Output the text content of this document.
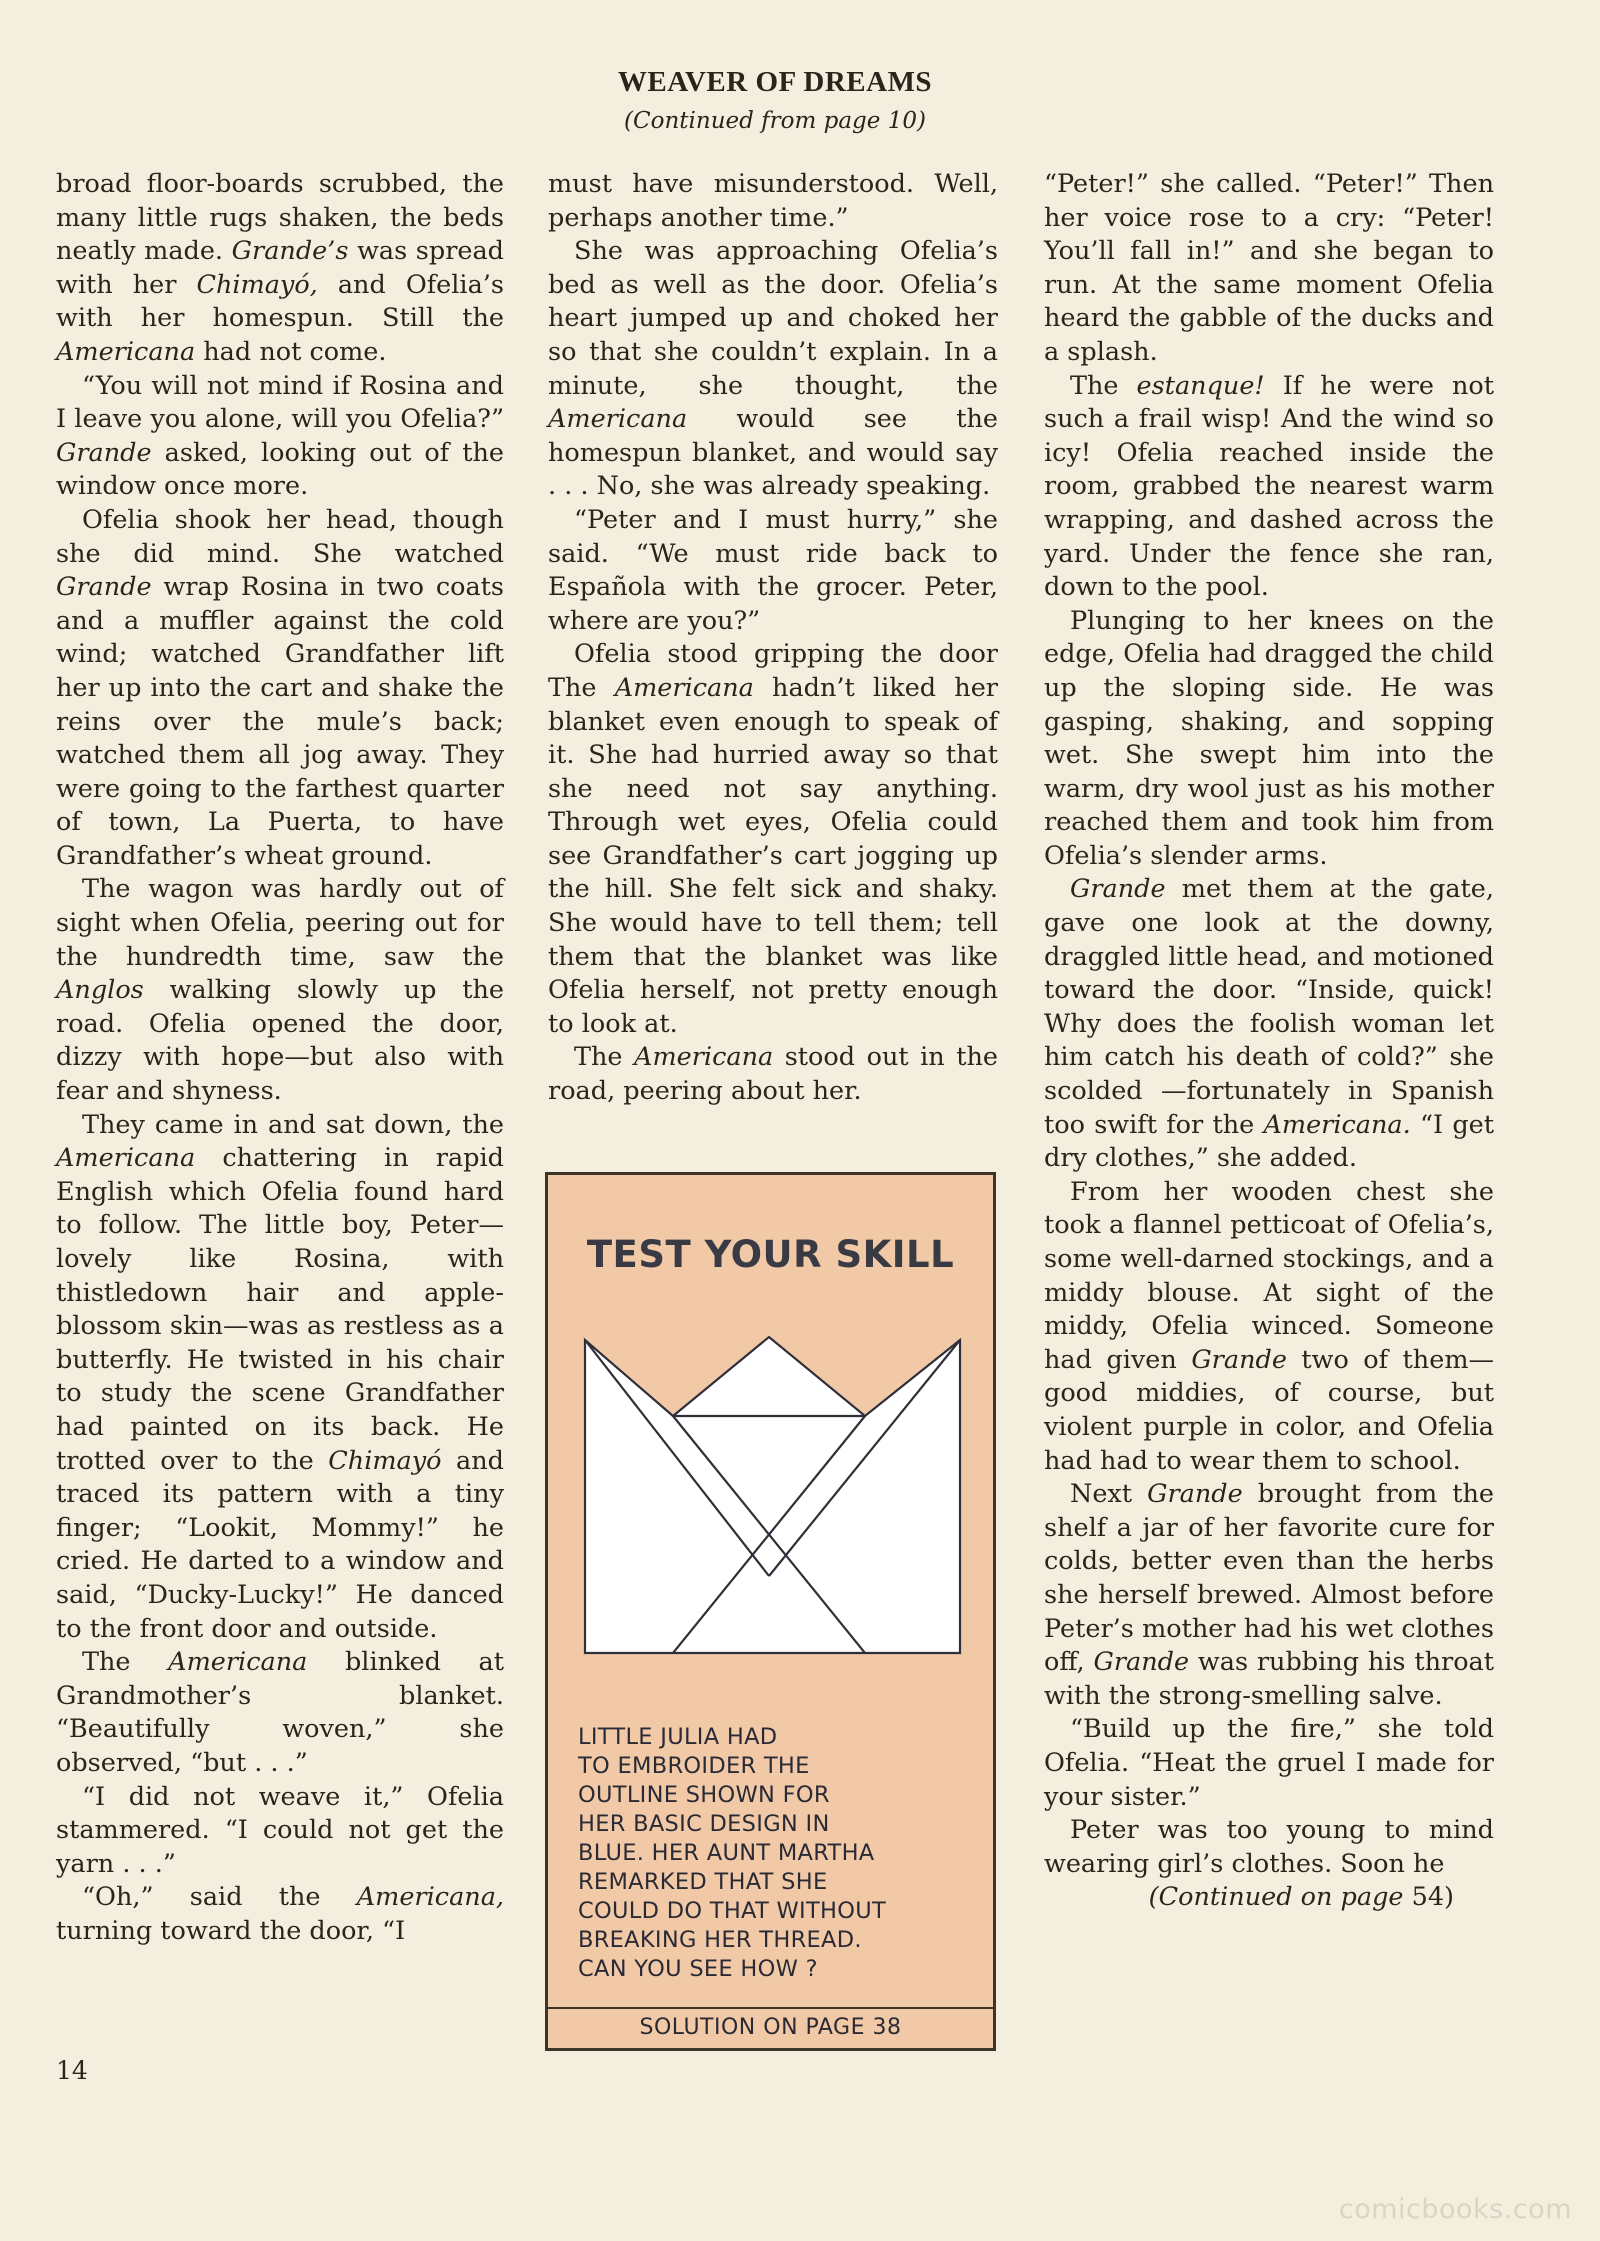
WEAVER OF DREAMS
(Continued from page 10)

broad floor-boards scrubbed, the many little rugs shaken, the beds neatly made. Grande’s was spread with her Chimayó, and Ofelia’s with her homespun. Still the Americana had not come.

“You will not mind if Rosina and I leave you alone, will you Ofelia?” Grande asked, looking out of the window once more.

Ofelia shook her head, though she did mind. She watched Grande wrap Rosina in two coats and a muffler against the cold wind; watched Grandfather lift her up into the cart and shake the reins over the mule’s back; watched them all jog away. They were going to the farthest quarter of town, La Puerta, to have Grandfather’s wheat ground.

The wagon was hardly out of sight when Ofelia, peering out for the hundredth time, saw the Anglos walking slowly up the road. Ofelia opened the door, dizzy with hope—but also with fear and shyness.

They came in and sat down, the Americana chattering in rapid English which Ofelia found hard to follow. The little boy, Peter—lovely like Rosina, with thistledown hair and apple-blossom skin—was as restless as a butterfly. He twisted in his chair to study the scene Grandfather had painted on its back. He trotted over to the Chimayó and traced its pattern with a tiny finger; “Lookit, Mommy!” he cried. He darted to a window and said, “Ducky-Lucky!” He danced to the front door and outside.

The Americana blinked at Grandmother’s blanket. “Beautifully woven,” she observed, “but . . .”

“I did not weave it,” Ofelia stammered. “I could not get the yarn . . .”

“Oh,” said the Americana, turning toward the door, “I

must have misunderstood. Well, perhaps another time.”

She was approaching Ofelia’s bed as well as the door. Ofelia’s heart jumped up and choked her so that she couldn’t explain. In a minute, she thought, the Americana would see the homespun blanket, and would say . . . No, she was already speaking.

“Peter and I must hurry,” she said. “We must ride back to Española with the grocer. Peter, where are you?”

Ofelia stood gripping the door The Americana hadn’t liked her blanket even enough to speak of it. She had hurried away so that she need not say anything. Through wet eyes, Ofelia could see Grandfather’s cart jogging up the hill. She felt sick and shaky. She would have to tell them; tell them that the blanket was like Ofelia herself, not pretty enough to look at.

The Americana stood out in the road, peering about her.

“Peter!” she called. “Peter!” Then her voice rose to a cry: “Peter! You’ll fall in!” and she began to run. At the same moment Ofelia heard the gabble of the ducks and a splash.

The estanque! If he were not such a frail wisp! And the wind so icy! Ofelia reached inside the room, grabbed the nearest warm wrapping, and dashed across the yard. Under the fence she ran, down to the pool.

Plunging to her knees on the edge, Ofelia had dragged the child up the sloping side. He was gasping, shaking, and sopping wet. She swept him into the warm, dry wool just as his mother reached them and took him from Ofelia’s slender arms.

Grande met them at the gate, gave one look at the downy, draggled little head, and motioned toward the door. “Inside, quick! Why does the foolish woman let him catch his death of cold?” she scolded —fortunately in Spanish too swift for the Americana. “I get dry clothes,” she added.

From her wooden chest she took a flannel petticoat of Ofelia’s, some well-darned stockings, and a middy blouse. At sight of the middy, Ofelia winced. Someone had given Grande two of them—good middies, of course, but violent purple in color, and Ofelia had had to wear them to school.

Next Grande brought from the shelf a jar of her favorite cure for colds, better even than the herbs she herself brewed. Almost before Peter’s mother had his wet clothes off, Grande was rubbing his throat with the strong-smelling salve.

“Build up the fire,” she told Ofelia. “Heat the gruel I made for your sister.”

Peter was too young to mind wearing girl’s clothes. Soon he

(Continued on page 54)
TEST YOUR SKILL
LITTLE JULIA HAD
TO EMBROIDER THE
OUTLINE SHOWN FOR
HER BASIC DESIGN IN
BLUE. HER AUNT MARTHA
REMARKED THAT SHE
COULD DO THAT WITHOUT
BREAKING HER THREAD.
CAN YOU SEE HOW ?
SOLUTION ON PAGE 38
14
comicbooks.com
